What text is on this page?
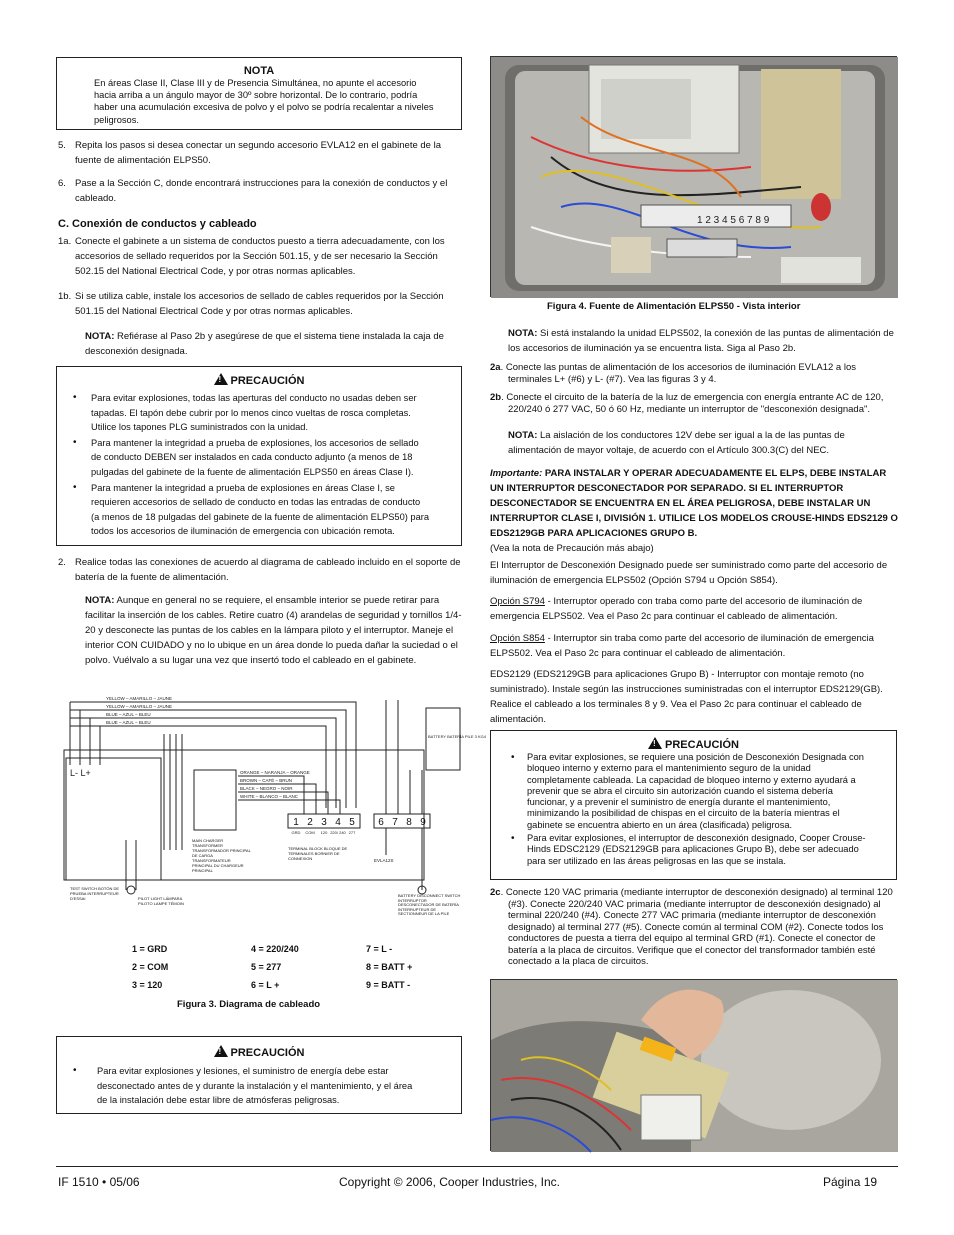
NOTA
En áreas Clase II, Clase III y de Presencia Simultánea, no apunte el accesorio hacia arriba a un ángulo mayor de 30º sobre horizontal. De lo contrario, podría haber una acumulación excesiva de polvo y el polvo se podría recalentar a niveles peligrosos.
5. Repita los pasos si desea conectar un segundo accesorio EVLA12 en el gabinete de la fuente de alimentación ELPS50.
6. Pase a la Sección C, donde encontrará instrucciones para la conexión de conductos y el cableado.
C. Conexión de conductos y cableado
1a. Conecte el gabinete a un sistema de conductos puesto a tierra adecuadamente, con los accesorios de sellado requeridos por la Sección 501.15, y de ser necesario la Sección 502.15 del National Electrical Code, y por otras normas aplicables.
1b. Si se utiliza cable, instale los accesorios de sellado de cables requeridos por la Sección 501.15 del National Electrical Code y por otras normas aplicables.
NOTA: Refiérase al Paso 2b y asegúrese de que el sistema tiene instalada la caja de desconexión designada.
!PRECAUCIÓN
• Para evitar explosiones, todas las aperturas del conducto no usadas deben ser tapadas. El tapón debe cubrir por lo menos cinco vueltas de rosca completas. Utilice los tapones PLG suministrados con la unidad.
• Para mantener la integridad a prueba de explosiones, los accesorios de sellado de conducto DEBEN ser instalados en cada conducto adjunto (a menos de 18 pulgadas del gabinete de la fuente de alimentación ELPS50 en áreas Clase I).
• Para mantener la integridad a prueba de explosiones en áreas Clase I, se requieren accesorios de sellado de conducto en todas las entradas de conducto (a menos de 18 pulgadas del gabinete de la fuente de alimentación ELPS50) para todos los accesorios de iluminación de emergencia con ubicación remota.
2. Realice todas las conexiones de acuerdo al diagrama de cableado incluido en el soporte de batería de la fuente de alimentación.
NOTA: Aunque en general no se requiere, el ensamble interior se puede retirar para facilitar la inserción de los cables. Retire cuatro (4) arandelas de seguridad y tornillos 1/4-20 y desconecte las puntas de los cables en la lámpara piloto y el interruptor. Maneje el interior CON CUIDADO y no lo ubique en un área donde lo pueda dañar la suciedad o el polvo. Vuélvalo a su lugar una vez que insertó todo el cableado en el gabinete.
YELLOW – AMARILLO – JAUNE
YELLOW – AMARILLO – JAUNE
BLUE – AZUL – BLEU
BLUE – AZUL – BLEU
ORANGE – NARANJA – ORANGE
BROWN – CAFÉ – BRUN
BLACK – NEGRO – NOIR
WHITE – BLANCO – BLANC
L- L+
BATTERY BATERÍA PILE 3 KG4
EVLA12S
1 2 3 4 5 6 7 8 9
GRD COM 120 220/ 240 277
TERMINAL BLOCK BLOQUE DE TERMINALES BORNIER DE CONNEXION
MAIN CHARGER TRANSFORMER TRANSFORMADOR PRINCIPAL DE CARGA TRANSFORMATEUR PRINCIPAL DU CHARGEUR PRINCIPAL
TEST SWITCH BOTÓN DE PRUEBA INTERRUPTEUR D'ESSAI	PILOT LIGHT LÁMPARA PILOTO LAMPE TÉMOIN
BATTERY DISCONNECT SWITCH INTERRUPTOR DESCONECTADOR DE BATERÍA INTERRUPTEUR DE SECTIONNEUR DE LA PILE
1 = GRD	4 = 220/240	7 = L -
2 = COM	5 = 277	8 = BATT +
3 = 120	6 = L +	9 = BATT -
Figura 3. Diagrama de cableado
!PRECAUCIÓN
• Para evitar explosiones y lesiones, el suministro de energía debe estar desconectado antes de y durante la instalación y el mantenimiento, y el área de la instalación debe estar libre de atmósferas peligrosas.
1 2 3 4 5 6 7 8 9
Figura 4. Fuente de Alimentación ELPS50 - Vista interior
NOTA: Si está instalando la unidad ELPS502, la conexión de las puntas de alimentación de los accesorios de iluminación ya se encuentra lista. Siga al Paso 2b.
2a. Conecte las puntas de alimentación de los accesorios de iluminación EVLA12 a los terminales L+ (#6) y L- (#7). Vea las figuras 3 y 4.
2b. Conecte el circuito de la batería de la luz de emergencia con energía entrante AC de 120, 220/240 ó 277 VAC, 50 ó 60 Hz, mediante un interruptor de "desconexión designada".
NOTA: La aislación de los conductores 12V debe ser igual a la de las puntas de alimentación de mayor voltaje, de acuerdo con el Artículo 300.3(C) del NEC.
Importante: PARA INSTALAR Y OPERAR ADECUADAMENTE EL ELPS, DEBE INSTALAR UN INTERRUPTOR DESCONECTADOR POR SEPARADO. SI EL INTERRUPTOR DESCONECTADOR SE ENCUENTRA EN EL ÁREA PELIGROSA, DEBE INSTALAR UN INTERRUPTOR CLASE I, DIVISIÓN 1. UTILICE LOS MODELOS CROUSE-HINDS EDS2129 O EDS2129GB PARA APLICACIONES GRUPO B.
(Vea la nota de Precaución más abajo)
El Interruptor de Desconexión Designado puede ser suministrado como parte del accesorio de iluminación de emergencia ELPS502 (Opción S794 u Opción S854).
Opción S794 - Interruptor operado con traba como parte del accesorio de iluminación de emergencia ELPS502. Vea el Paso 2c para continuar el cableado de alimentación.
Opción S854 - Interruptor sin traba como parte del accesorio de iluminación de emergencia ELPS502. Vea el Paso 2c para continuar el cableado de alimentación.
EDS2129 (EDS2129GB para aplicaciones Grupo B) - Interruptor con montaje remoto (no suministrado). Instale según las instrucciones suministradas con el interruptor EDS2129(GB). Realice el cableado a los terminales 8 y 9. Vea el Paso 2c para continuar el cableado de alimentación.
!PRECAUCIÓN
• Para evitar explosiones, se requiere una posición de Desconexión Designada con bloqueo interno y externo para el mantenimiento seguro de la unidad completamente cableada. La capacidad de bloqueo interno y externo ayudará a prevenir que se abra el circuito sin autorización cuando el sistema debería funcionar, y a prevenir el suministro de energía durante el mantenimiento, minimizando la posibilidad de chispas en el circuito de la batería mientras el gabinete se encuentra abierto en un área (clasificada) peligrosa.
• Para evitar explosiones, el interruptor de desconexión designado, Cooper Crouse-Hinds EDSC2129 (EDS2129GB para aplicaciones Grupo B), debe ser adecuado para ser utilizado en las áreas peligrosas en las que se instala.
2c. Conecte 120 VAC primaria (mediante interruptor de desconexión designado) al terminal 120 (#3). Conecte 220/240 VAC primaria (mediante interruptor de desconexión designado) al terminal 220/240 (#4). Conecte 277 VAC primaria (mediante interruptor de desconexión designado) al terminal 277 (#5). Conecte común al terminal COM (#2). Conecte todos los conductores de puesta a tierra del equipo al terminal GRD (#1). Conecte el conector de batería a la placa de circuitos. Verifique que el conector del transformador también esté conectado a la placa de circuitos.
IF 1510 • 05/06	Copyright © 2006, Cooper Industries, Inc.	Página 19
